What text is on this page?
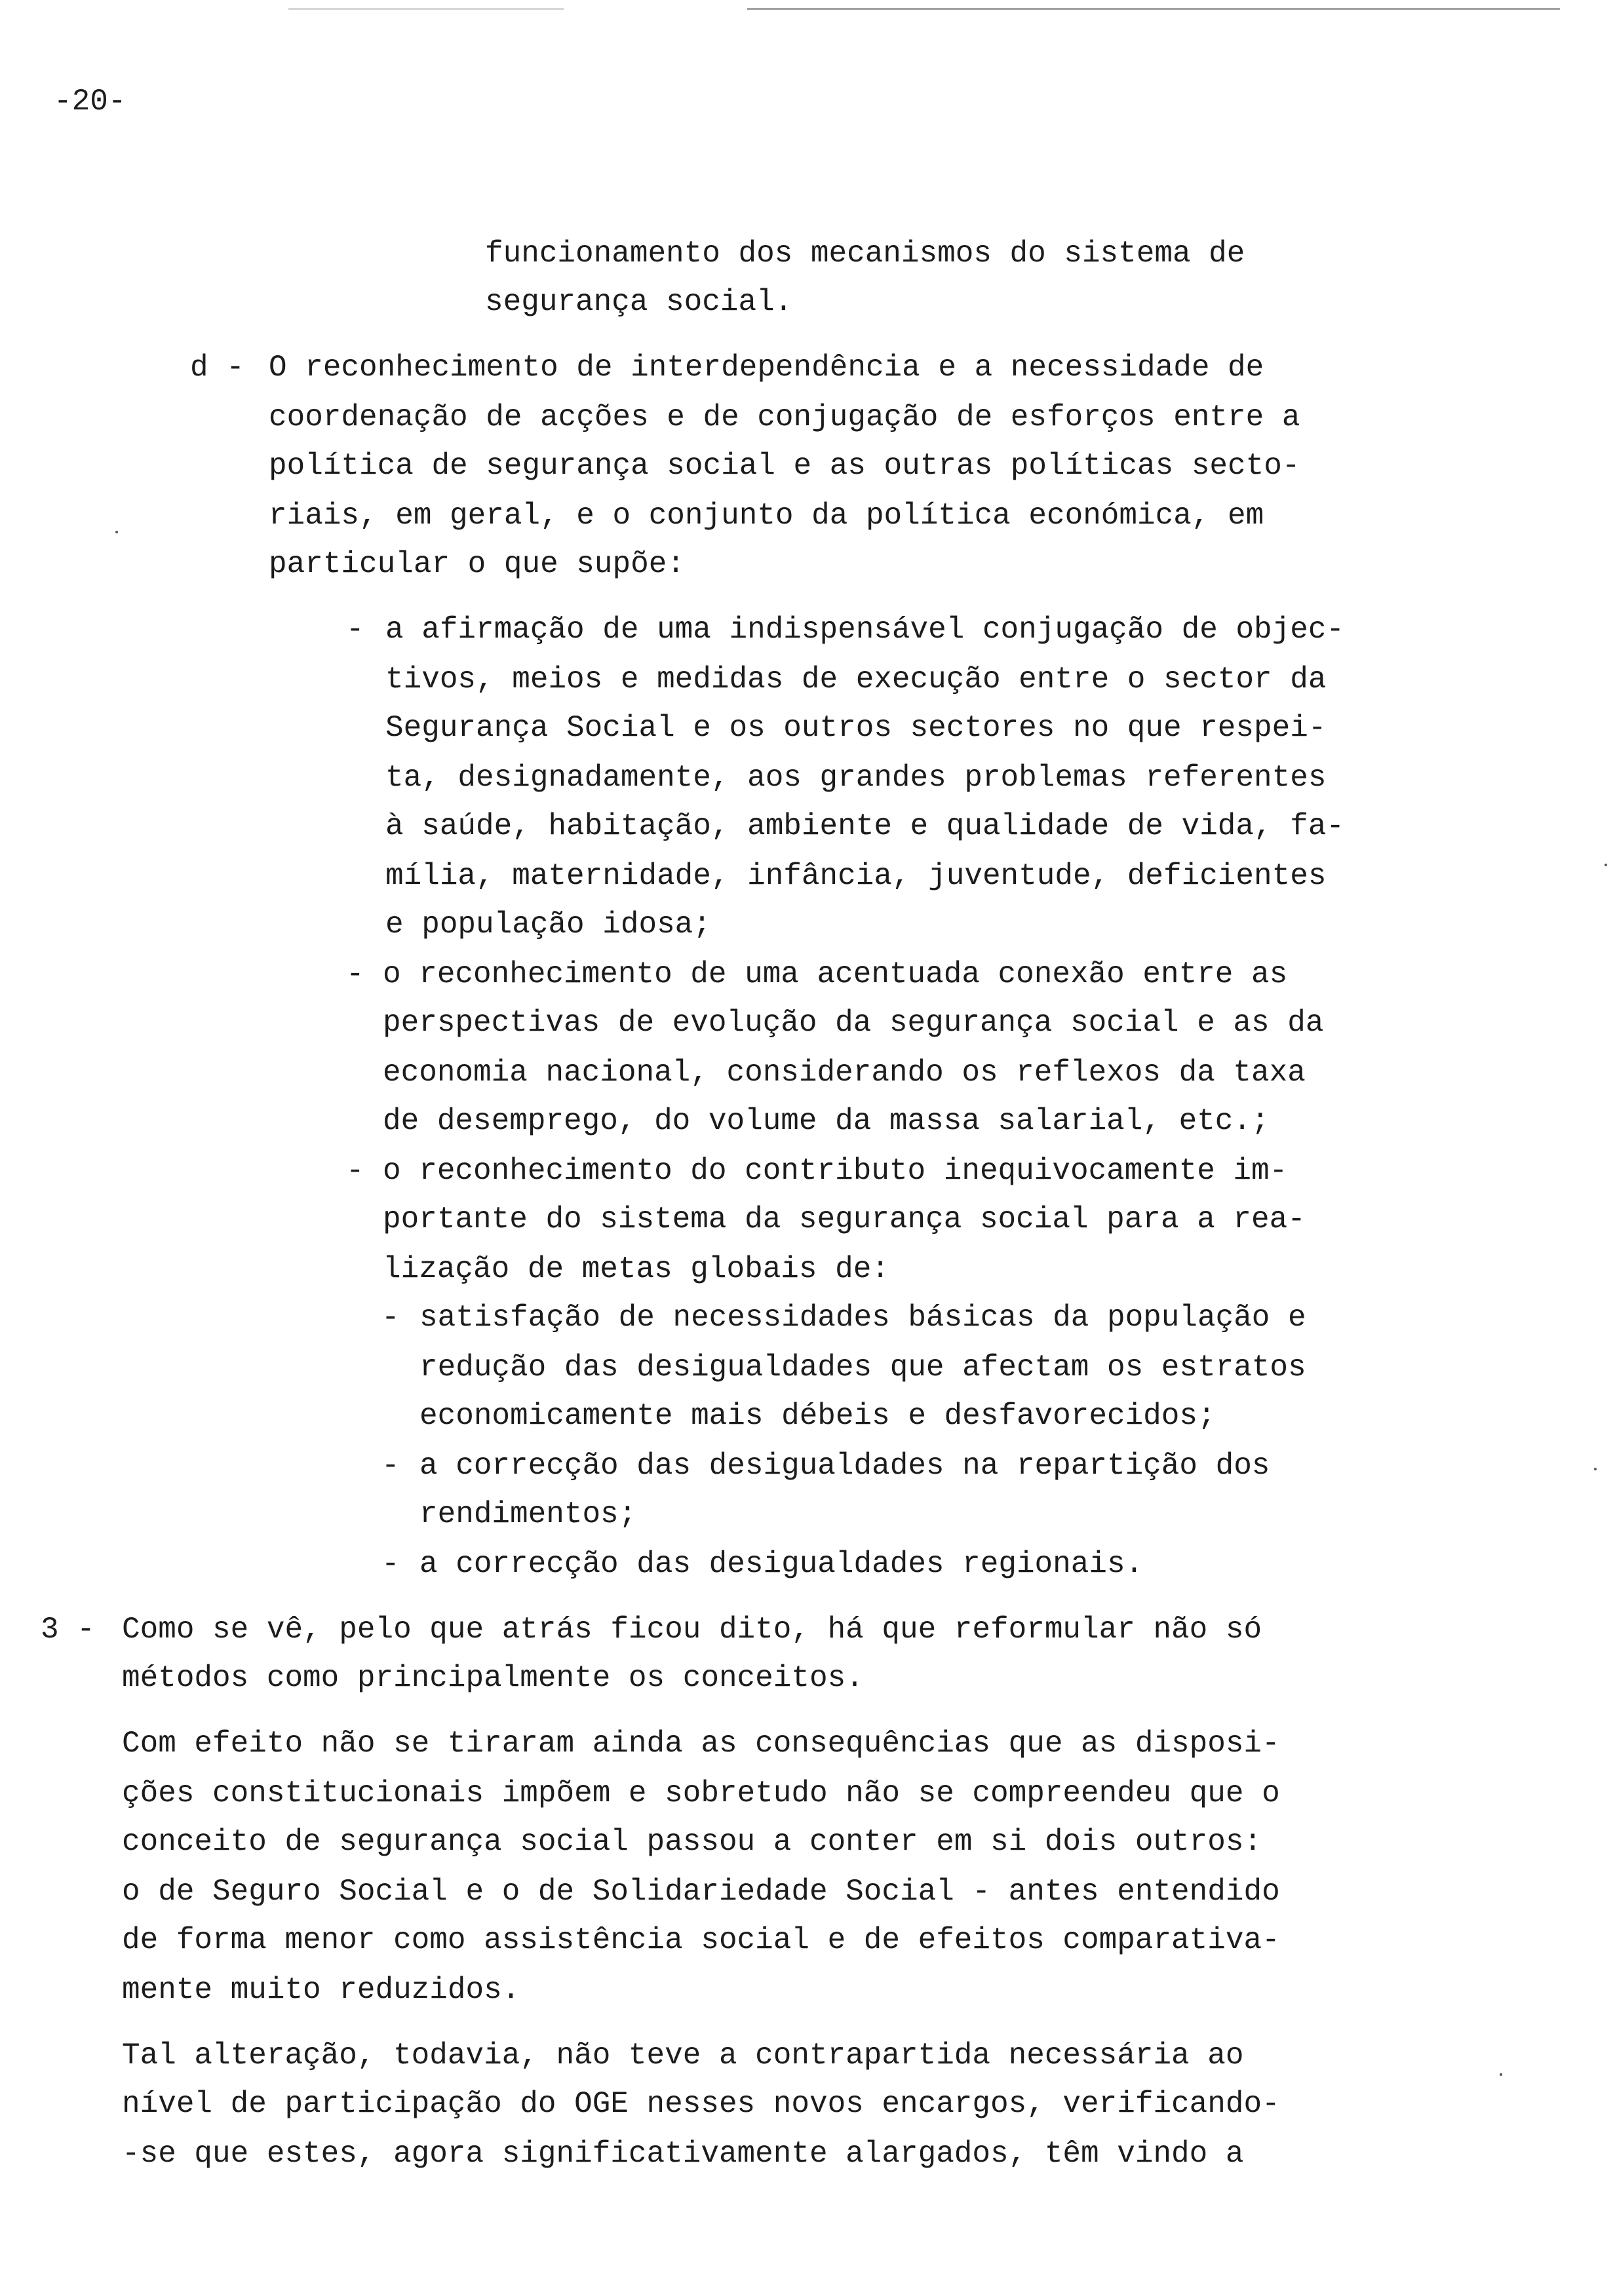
-20-
funcionamento dos mecanismos do sistema de
segurança social.
d - O reconhecimento de interdependência e a necessidade de
coordenação de acções e de conjugação de esforços entre a
política de segurança social e as outras políticas secto-
riais, em geral, e o conjunto da política económica, em
particular o que supõe:
- a afirmação de uma indispensável conjugação de objec-
tivos, meios e medidas de execução entre o sector da
Segurança Social e os outros sectores no que respei-
ta, designadamente, aos grandes problemas referentes
à saúde, habitação, ambiente e qualidade de vida, fa-
mília, maternidade, infância, juventude, deficientes
e população idosa;
- o reconhecimento de uma acentuada conexão entre as
perspectivas de evolução da segurança social e as da
economia nacional, considerando os reflexos da taxa
de desemprego, do volume da massa salarial, etc.;
- o reconhecimento do contributo inequivocamente im-
portante do sistema da segurança social para a rea-
lização de metas globais de:
- satisfação de necessidades básicas da população e
redução das desigualdades que afectam os estratos
economicamente mais débeis e desfavorecidos;
- a correcção das desigualdades na repartição dos
rendimentos;
- a correcção das desigualdades regionais.
3 - Como se vê, pelo que atrás ficou dito, há que reformular não só
métodos como principalmente os conceitos.
Com efeito não se tiraram ainda as consequências que as disposi-
ções constitucionais impõem e sobretudo não se compreendeu que o
conceito de segurança social passou a conter em si dois outros:
o de Seguro Social e o de Solidariedade Social - antes entendido
de forma menor como assistência social e de efeitos comparativa-
mente muito reduzidos.
Tal alteração, todavia, não teve a contrapartida necessária ao
nível de participação do OGE nesses novos encargos, verificando-
-se que estes, agora significativamente alargados, têm vindo a
